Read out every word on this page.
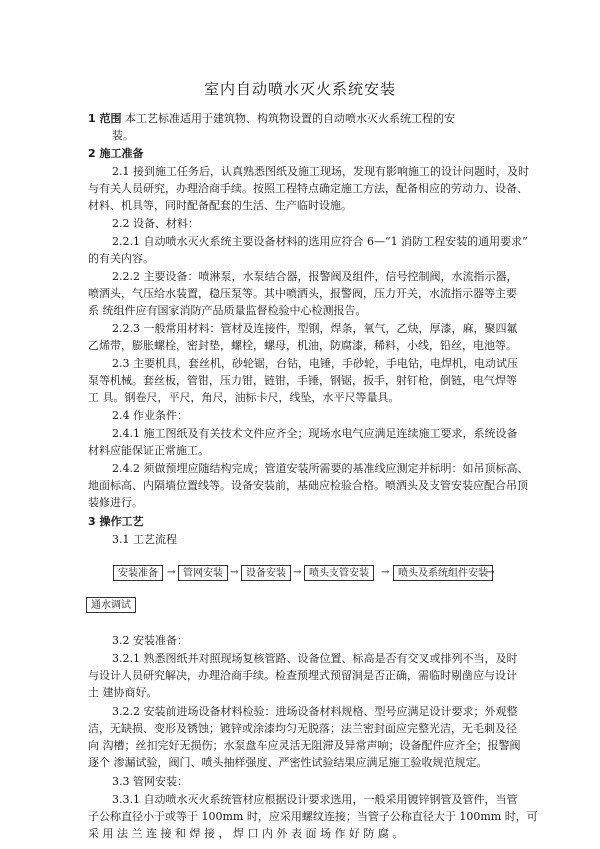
室内自动喷水灭火系统安装
1 范围 本工艺标准适用于建筑物、构筑物设置的自动喷水灭火系统工程的安
装。
2 施工准备
2.1 接到施工任务后，认真熟悉图纸及施工现场，发现有影响施工的设计问题时，及时
与有关人员研究，办理洽商手续。按照工程特点确定施工方法，配备相应的劳动力、设备、
材料、机具等，同时配备配套的生活、生产临时设施。
2.2 设备、材料：
2.2.1 自动喷水灭火系统主要设备材料的选用应符合 6—“1 消防工程安装的通用要求”
的有关内容。
2.2.2 主要设备：喷淋泵，水泵结合器，报警阀及组件，信号控制阀，水流指示器，
喷洒头，气压给水装置，稳压泵等。其中喷洒头，报警阀，压力开关，水流指示器等主要
系 统组件应有国家消防产品质量监督检验中心检测报告。
2.2.3 一般常用材料：管材及连接件，型钢，焊条，氧气，乙炔，厚漆，麻，聚四氟
乙烯带，膨胀螺栓，密封垫，螺栓，螺母，机油，防腐漆，稀料，小线，铅丝，电池等。
2.3 主要机具，套丝机，砂轮锯，台钻，电锤，手砂轮，手电钻，电焊机，电动试压
泵等机械。套丝板，管钳，压力钳，链钳，手锤，钢锯，扳手，射钉枪，倒链，电气焊等
工 具。钢卷尺，平尺，角尺，油标卡尺，线坠，水平尺等量具。
2.4 作业条件：
2.4.1 施工图纸及有关技术文件应齐全；现场水电气应满足连续施工要求，系统设备
材料应能保证正常施工。
2.4.2 须做预埋应随结构完成；管道安装所需要的基准线应测定并标明：如吊顶标高、
地面标高、内隔墙位置线等。设备安装前，基础应检验合格。喷洒头及支管安装应配合吊顶
装修进行。
3 操作工艺
3.1 工艺流程
安装准备 → 管网安装 → 设备安装 → 喷头支管安装	→ 喷头及系统组件安装
→
通水调试
3.2 安装准备：
3.2.1 熟悉图纸并对照现场复核管路、设备位置、标高是否有交叉或排列不当，及时
与设计人员研究解决，办理洽商手续。检查预埋式预留洞是否正确，需临时剔凿应与设计
土 建协商好。
3.2.2 安装前进场设备材料检验：进场设备材料规格、型号应满足设计要求；外观整
洁，无缺损、变形及锈蚀；镀锌或涂漆均匀无脱落；法兰密封面应完整光洁，无毛刺及径
向 沟槽；丝扣完好无损伤；水泵盘车应灵活无阻滞及异常声响；设备配件应齐全；报警阀
逐个 渗漏试验，阀门、喷头抽样强度、严密性试验结果应满足施工验收规范规定。
3.3 管网安装：
3.3.1 自动喷水灭火系统管材应根据设计要求选用，一般采用镀锌钢管及管件，当管
子公称直径小于或等于 100mm 时，应采用螺纹连接；当管子公称直径大于 100mm 时，可
采 用 法 兰 连 接 和 焊 接 ， 焊 口 内 外 表 面 场 作 好 防 腐 。
